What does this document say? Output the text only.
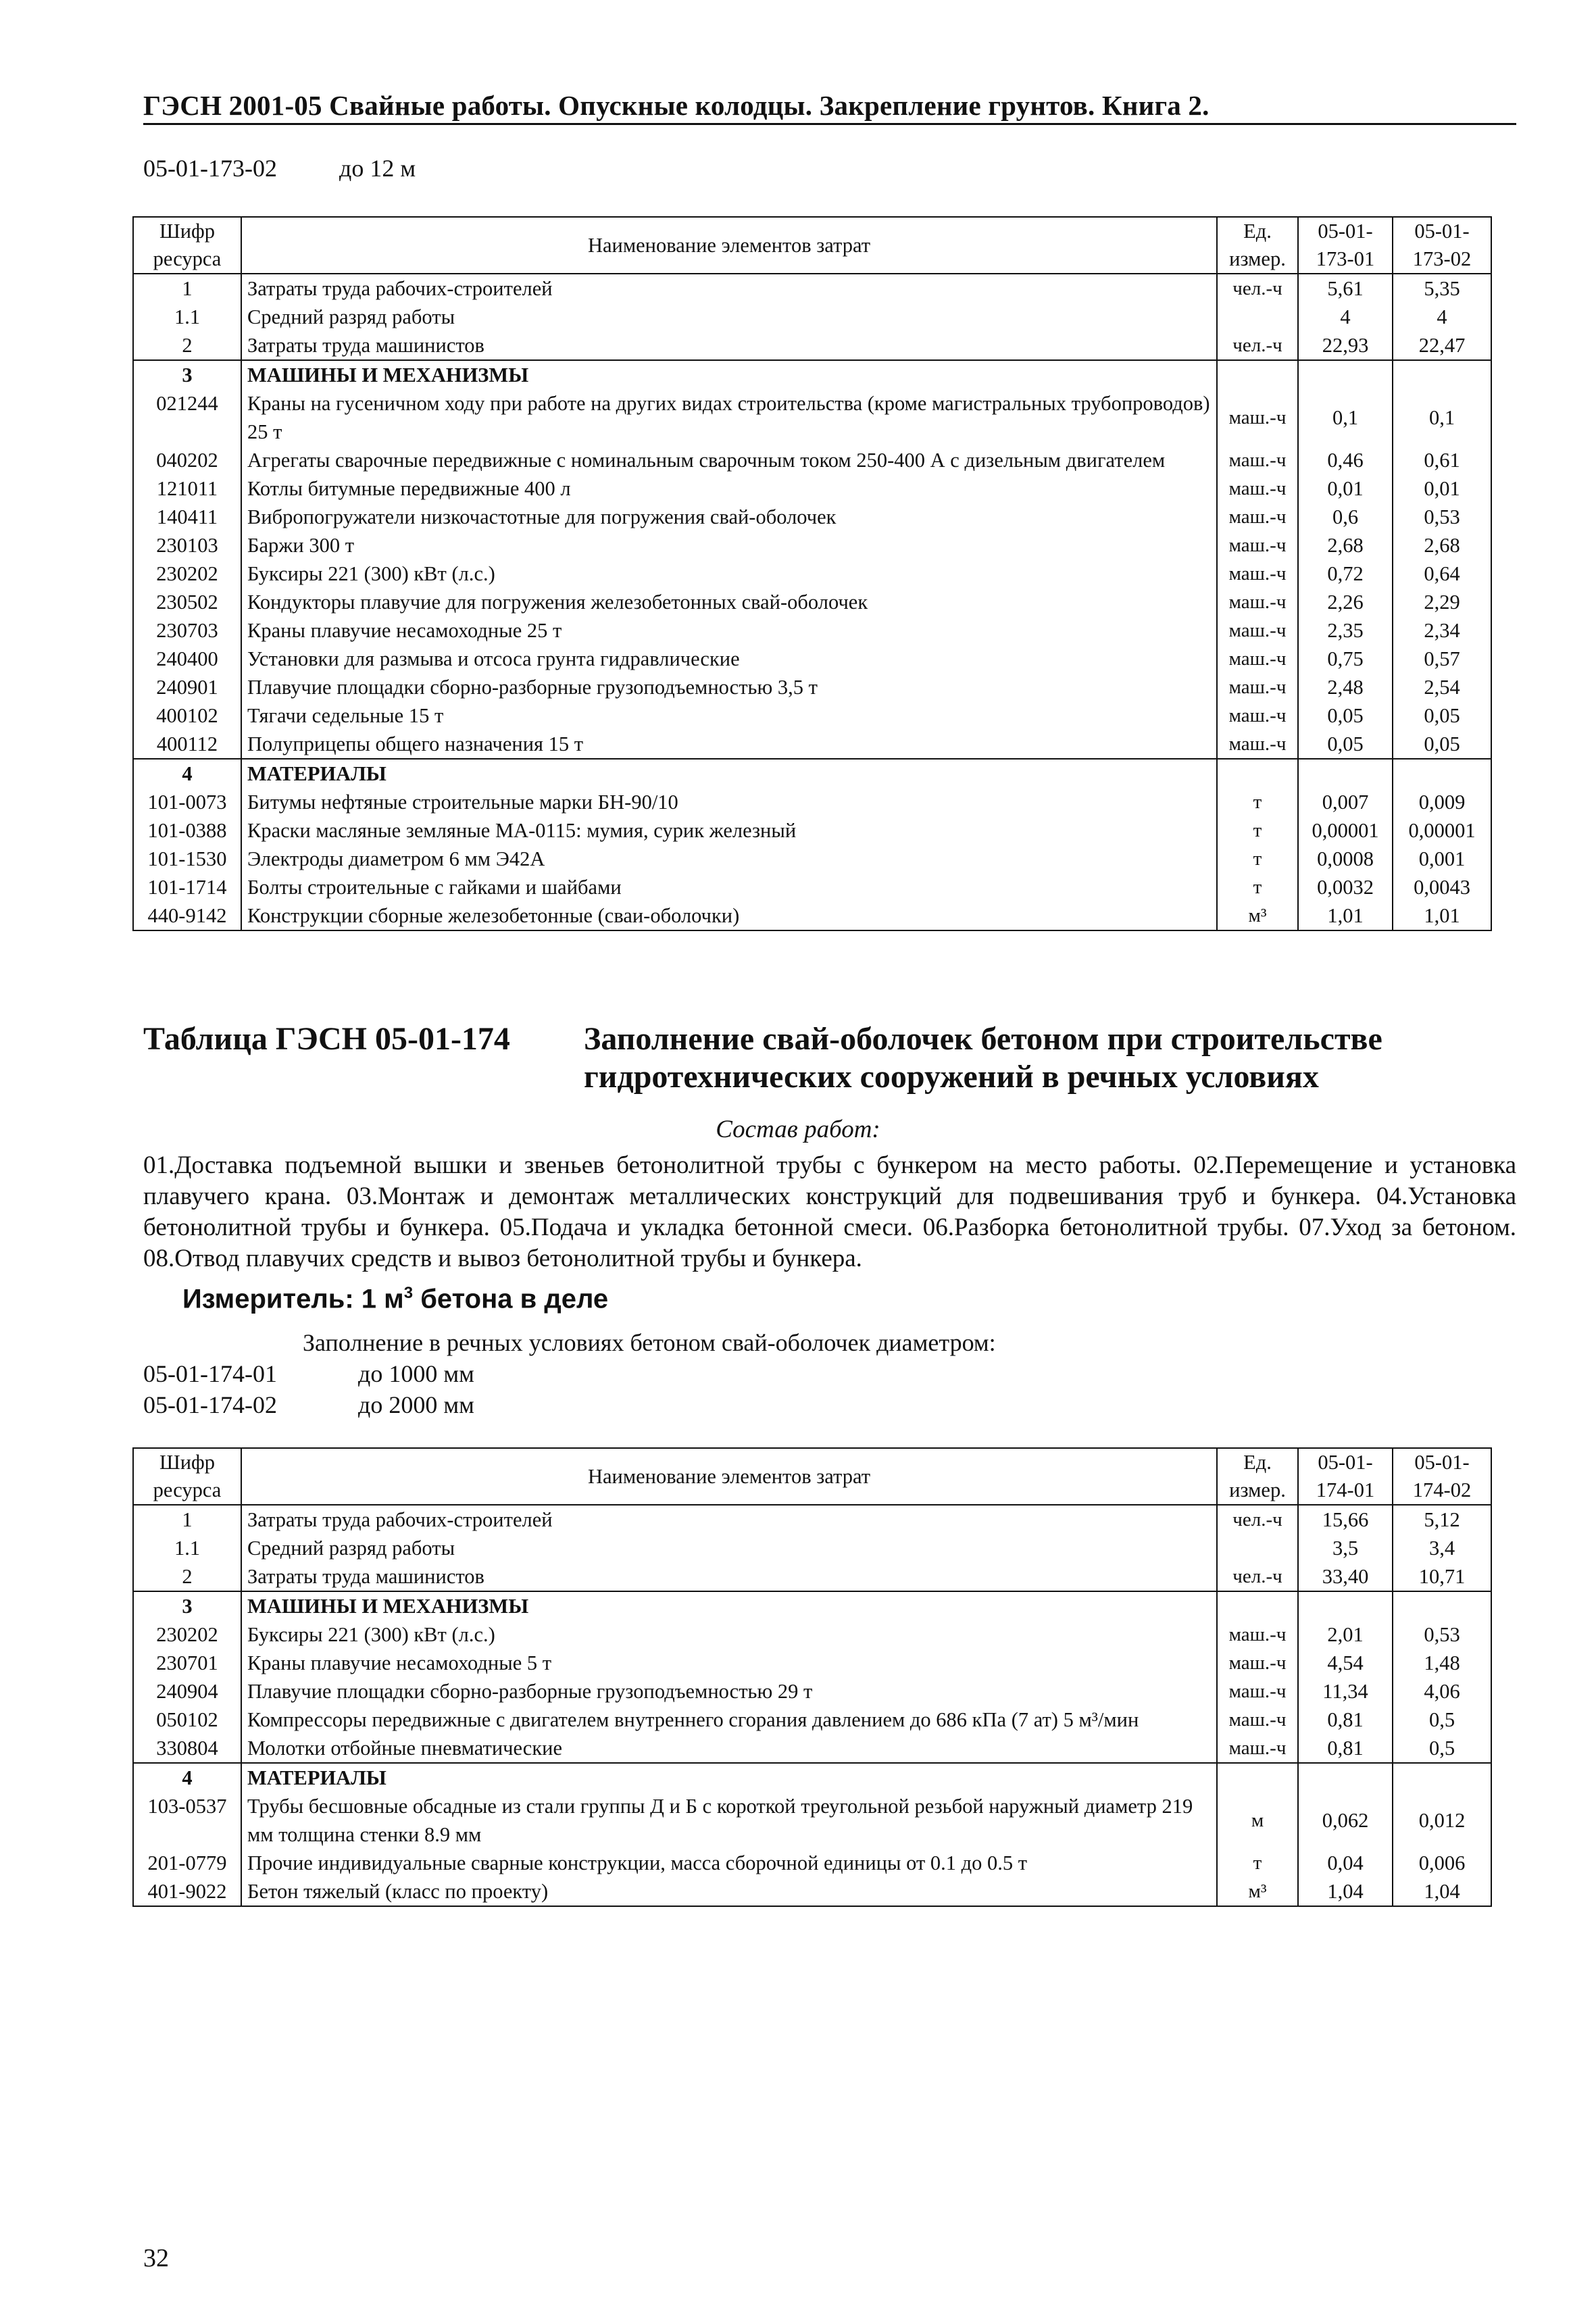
ГЭСН 2001-05 Свайные работы. Опускные колодцы. Закрепление грунтов. Книга 2.
05-01-173-02	до 12 м
Шифр ресурса	Наименование элементов затрат	Ед. измер.	05-01-173-01	05-01-173-02
1	Затраты труда рабочих-строителей	чел.-ч	5,61	5,35
1.1	Средний разряд работы		4	4
2	Затраты труда машинистов	чел.-ч	22,93	22,47
3	МАШИНЫ И МЕХАНИЗМЫ			
021244	Краны на гусеничном ходу при работе на других видах строительства (кроме магистральных трубопроводов) 25 т	маш.-ч	0,1	0,1
040202	Агрегаты сварочные передвижные с номинальным сварочным током 250-400 А с дизельным двигателем	маш.-ч	0,46	0,61
121011	Котлы битумные передвижные 400 л	маш.-ч	0,01	0,01
140411	Вибропогружатели низкочастотные для погружения свай-оболочек	маш.-ч	0,6	0,53
230103	Баржи 300 т	маш.-ч	2,68	2,68
230202	Буксиры 221 (300) кВт (л.с.)	маш.-ч	0,72	0,64
230502	Кондукторы плавучие для погружения железобетонных свай-оболочек	маш.-ч	2,26	2,29
230703	Краны плавучие несамоходные 25 т	маш.-ч	2,35	2,34
240400	Установки для размыва и отсоса грунта гидравлические	маш.-ч	0,75	0,57
240901	Плавучие площадки сборно-разборные грузоподъемностью 3,5 т	маш.-ч	2,48	2,54
400102	Тягачи седельные 15 т	маш.-ч	0,05	0,05
400112	Полуприцепы общего назначения 15 т	маш.-ч	0,05	0,05
4	МАТЕРИАЛЫ			
101-0073	Битумы нефтяные строительные марки БН-90/10	т	0,007	0,009
101-0388	Краски масляные земляные МА-0115: мумия, сурик железный	т	0,00001	0,00001
101-1530	Электроды диаметром 6 мм Э42А	т	0,0008	0,001
101-1714	Болты строительные с гайками и шайбами	т	0,0032	0,0043
440-9142	Конструкции сборные железобетонные (сваи-оболочки)	м³	1,01	1,01
Таблица ГЭСН 05-01-174 Заполнение свай-оболочек бетоном при строительстве гидротехнических сооружений в речных условиях
Состав работ:
01.Доставка подъемной вышки и звеньев бетонолитной трубы с бункером на место работы. 02.Перемещение и установка плавучего крана. 03.Монтаж и демонтаж металлических конструкций для подвешивания труб и бункера. 04.Установка бетонолитной трубы и бункера. 05.Подача и укладка бетонной смеси. 06.Разборка бетонолитной трубы. 07.Уход за бетоном. 08.Отвод плавучих средств и вывоз бетонолитной трубы и бункера.
Измеритель: 1 $м^3$ бетона в деле
Заполнение в речных условиях бетоном свай-оболочек диаметром:
05-01-174-01	до 1000 мм
05-01-174-02	до 2000 мм
Шифр ресурса	Наименование элементов затрат	Ед. измер.	05-01-174-01	05-01-174-02
1	Затраты труда рабочих-строителей	чел.-ч	15,66	5,12
1.1	Средний разряд работы		3,5	3,4
2	Затраты труда машинистов	чел.-ч	33,40	10,71
3	МАШИНЫ И МЕХАНИЗМЫ			
230202	Буксиры 221 (300) кВт (л.с.)	маш.-ч	2,01	0,53
230701	Краны плавучие несамоходные 5 т	маш.-ч	4,54	1,48
240904	Плавучие площадки сборно-разборные грузоподъемностью 29 т	маш.-ч	11,34	4,06
050102	Компрессоры передвижные с двигателем внутреннего сгорания давлением до 686 кПа (7 ат) 5 м³/мин	маш.-ч	0,81	0,5
330804	Молотки отбойные пневматические	маш.-ч	0,81	0,5
4	МАТЕРИАЛЫ			
103-0537	Трубы бесшовные обсадные из стали группы Д и Б с короткой треугольной резьбой наружный диаметр 219 мм толщина стенки 8.9 мм	м	0,062	0,012
201-0779	Прочие индивидуальные сварные конструкции, масса сборочной единицы от 0.1 до 0.5 т	т	0,04	0,006
401-9022	Бетон тяжелый (класс по проекту)	м³	1,04	1,04
32
